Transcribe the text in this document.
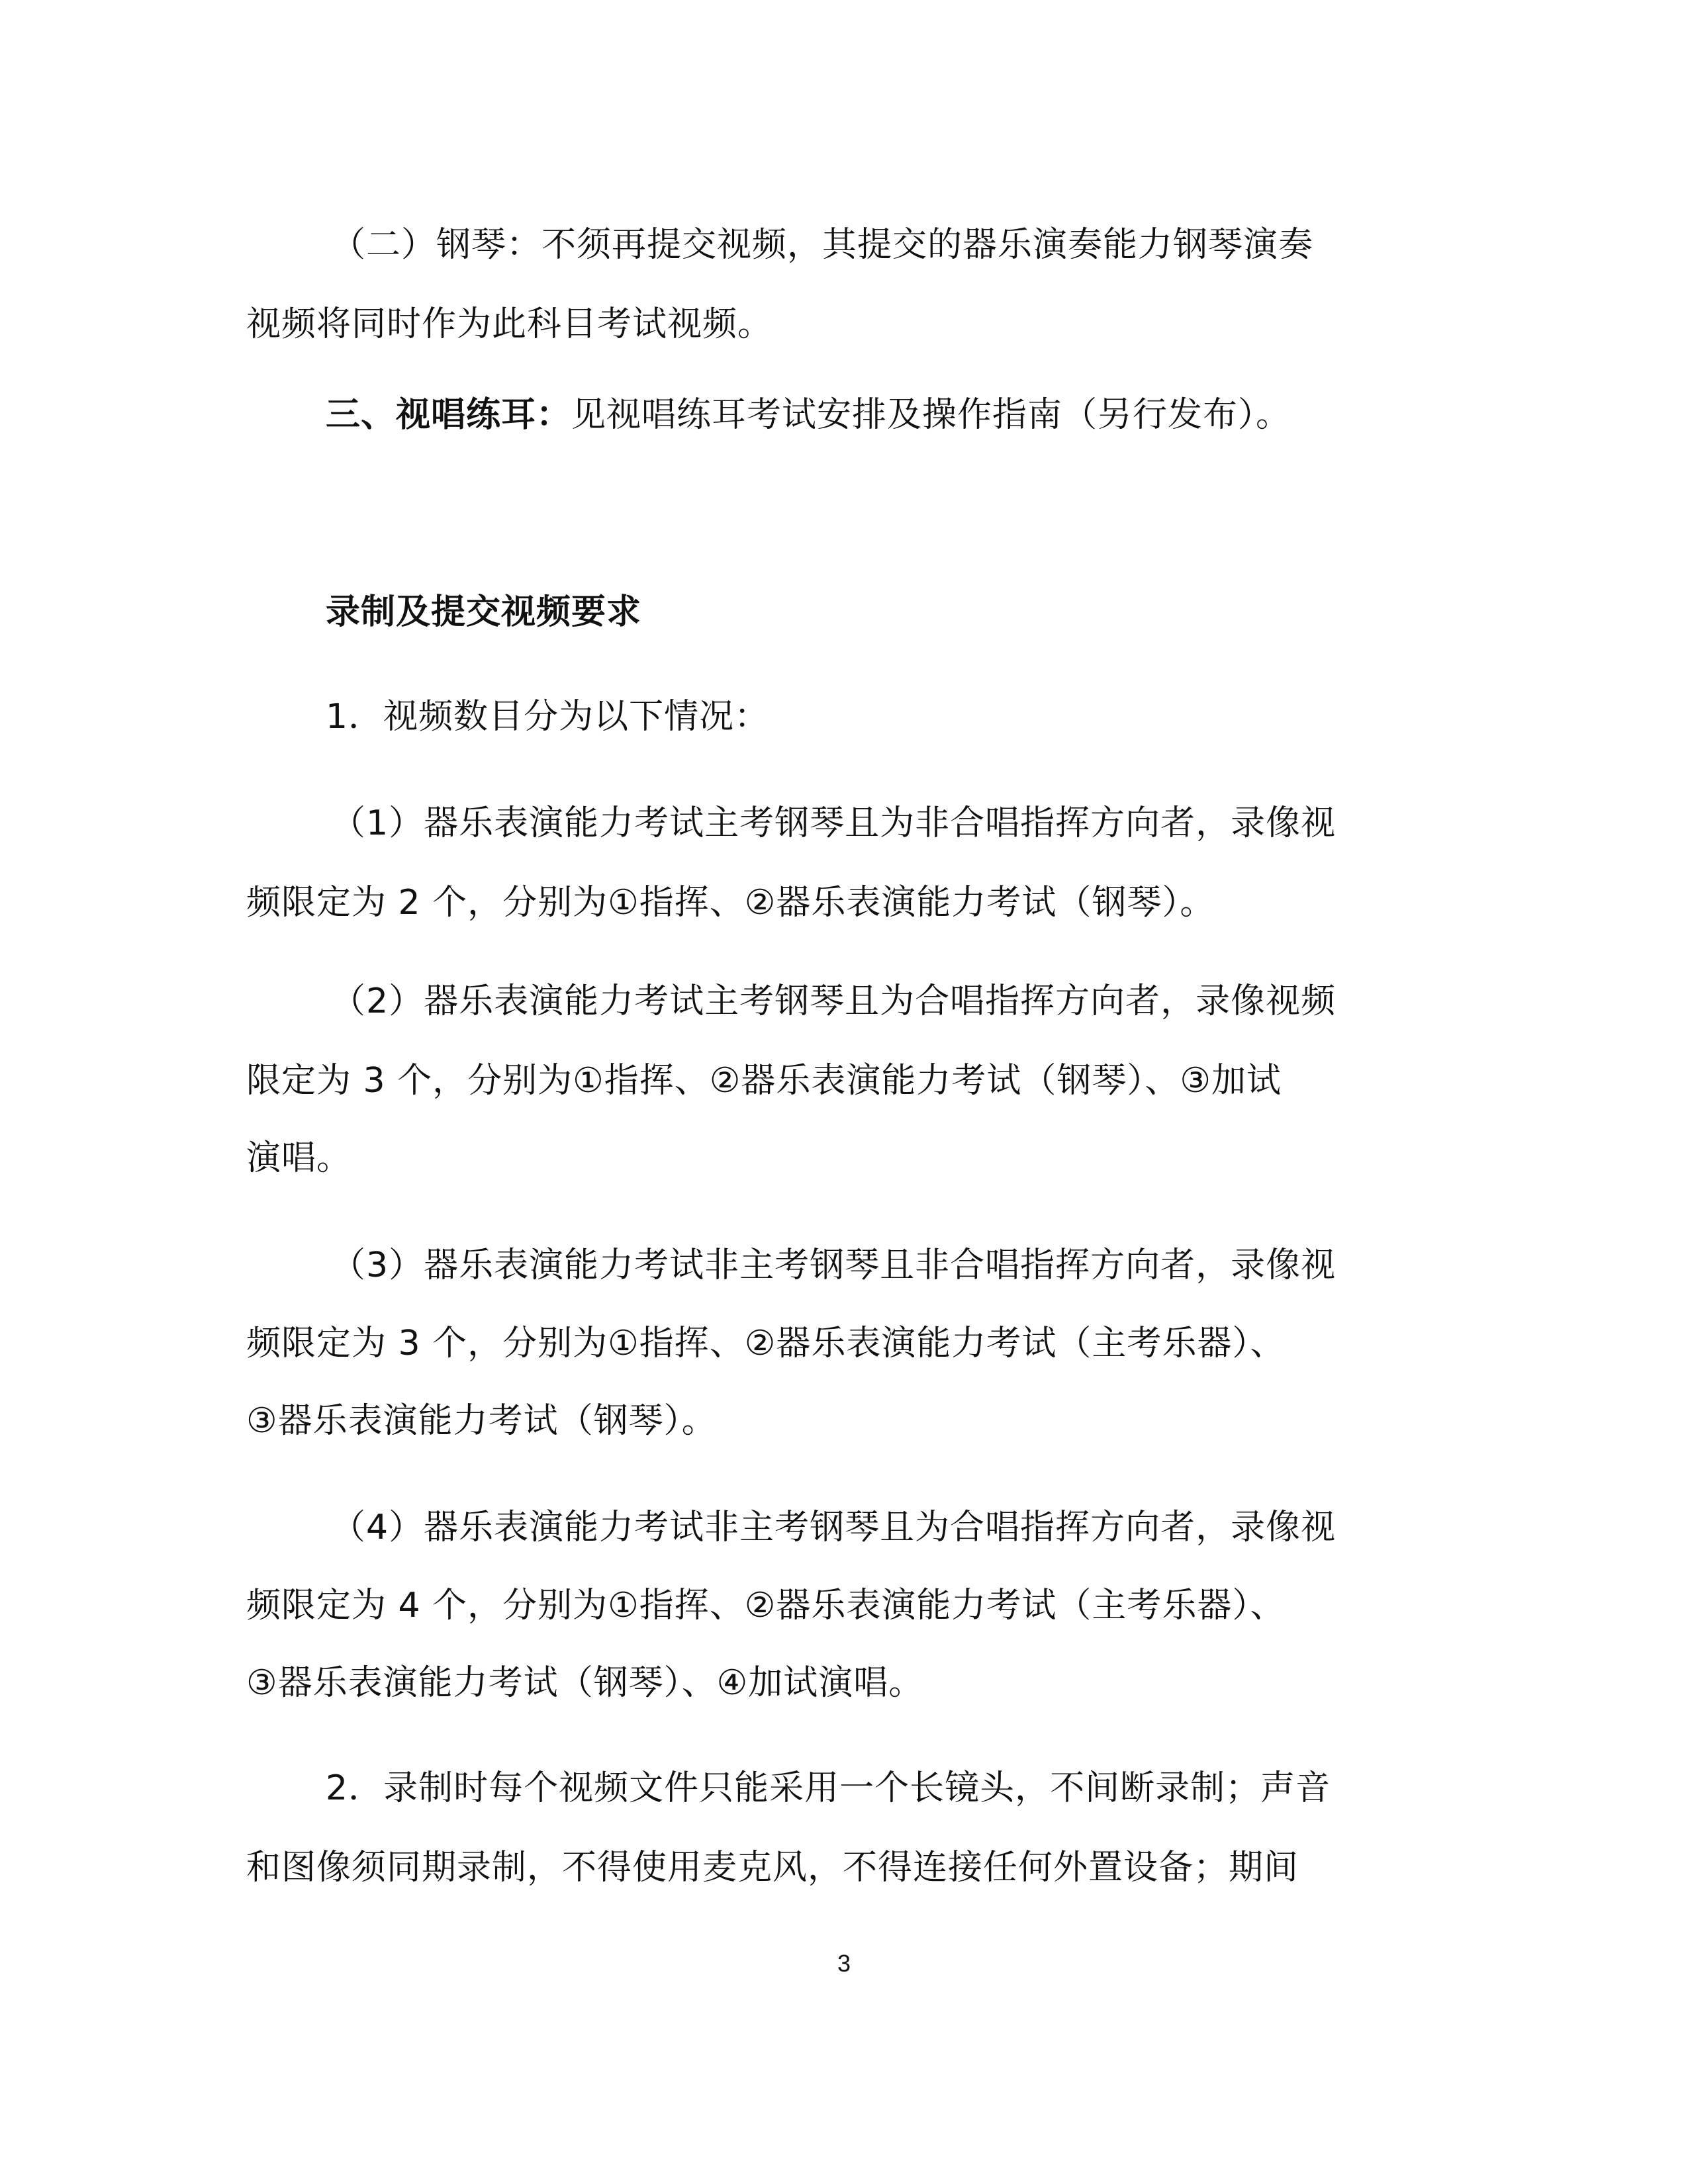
（二）钢琴：不须再提交视频，其提交的器乐演奏能力钢琴演奏

视频将同时作为此科目考试视频。

三、视唱练耳：见视唱练耳考试安排及操作指南（另行发布）。

录制及提交视频要求

1．视频数目分为以下情况：

（1）器乐表演能力考试主考钢琴且为非合唱指挥方向者，录像视

频限定为 2 个，分别为①指挥、②器乐表演能力考试（钢琴）。

（2）器乐表演能力考试主考钢琴且为合唱指挥方向者，录像视频

限定为 3 个，分别为①指挥、②器乐表演能力考试（钢琴）、③加试

演唱。

（3）器乐表演能力考试非主考钢琴且非合唱指挥方向者，录像视

频限定为 3 个，分别为①指挥、②器乐表演能力考试（主考乐器）、

③器乐表演能力考试（钢琴）。

（4）器乐表演能力考试非主考钢琴且为合唱指挥方向者，录像视

频限定为 4 个，分别为①指挥、②器乐表演能力考试（主考乐器）、

③器乐表演能力考试（钢琴）、④加试演唱。

2．录制时每个视频文件只能采用一个长镜头，不间断录制；声音

和图像须同期录制，不得使用麦克风，不得连接任何外置设备；期间

3
